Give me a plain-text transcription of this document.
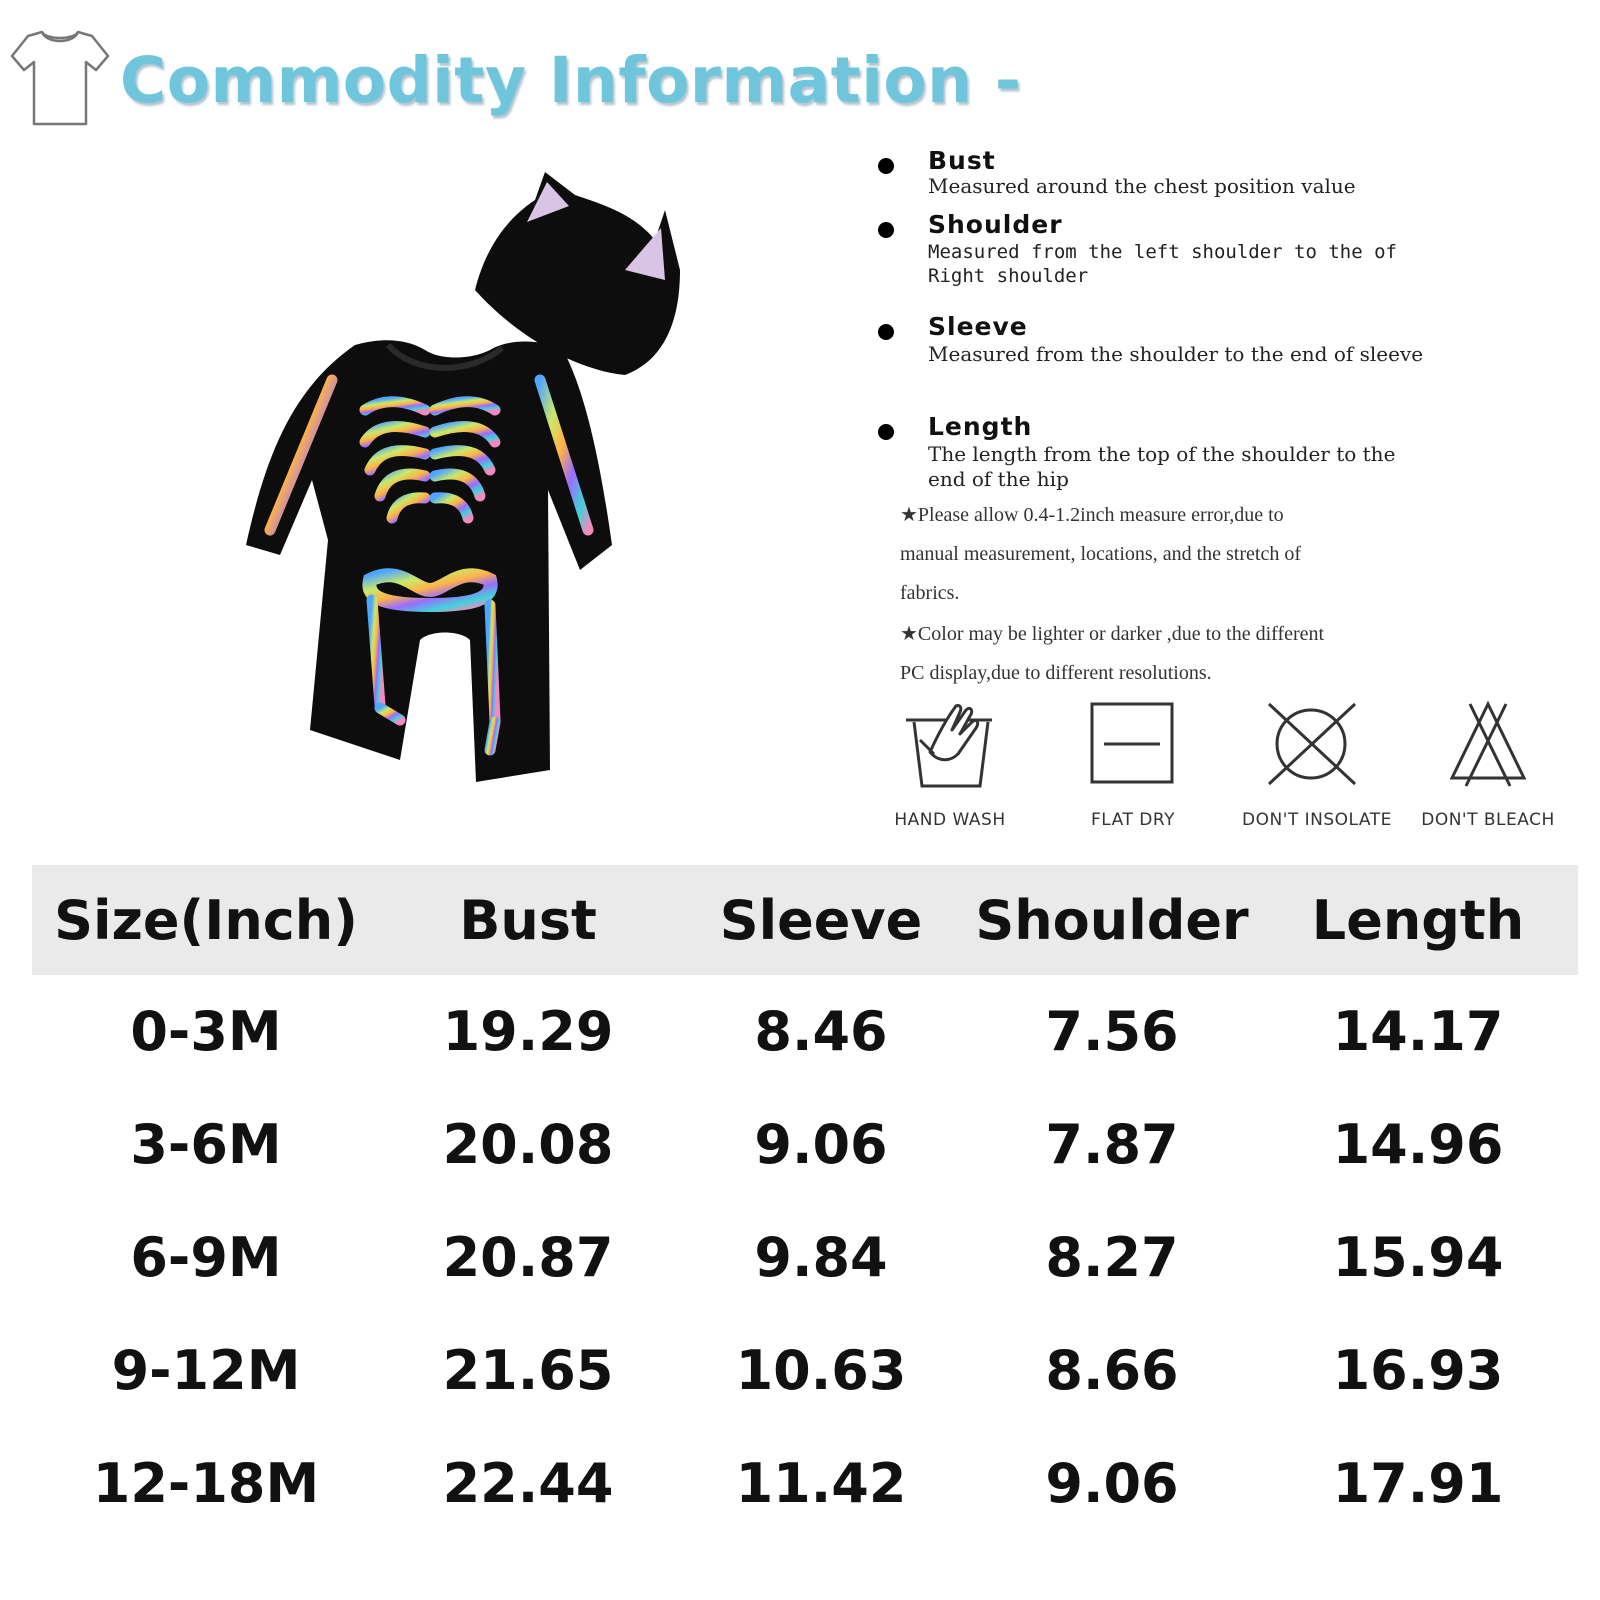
Commodity Information -
Bust
Measured around the chest position value
Shoulder
Measured from the left shoulder to the of Right shoulder
Sleeve
Measured from the shoulder to the end of sleeve
Length
The length from the top of the shoulder to the end of the hip
★Please allow 0.4-1.2inch measure error,due to manual measurement, locations, and the stretch of fabrics.
★Color may be lighter or darker ,due to the different PC display,due to different resolutions.
HAND WASH	FLAT DRY	DON'T INSOLATE DON'T BLEACH
Size(Inch)	Bust	Sleeve	Shoulder	Length
0-3M	19.29	8.46	7.56	14.17
3-6M	20.08	9.06	7.87	14.96
6-9M	20.87	9.84	8.27	15.94
9-12M	21.65	10.63	8.66	16.93
12-18M	22.44	11.42	9.06	17.91
